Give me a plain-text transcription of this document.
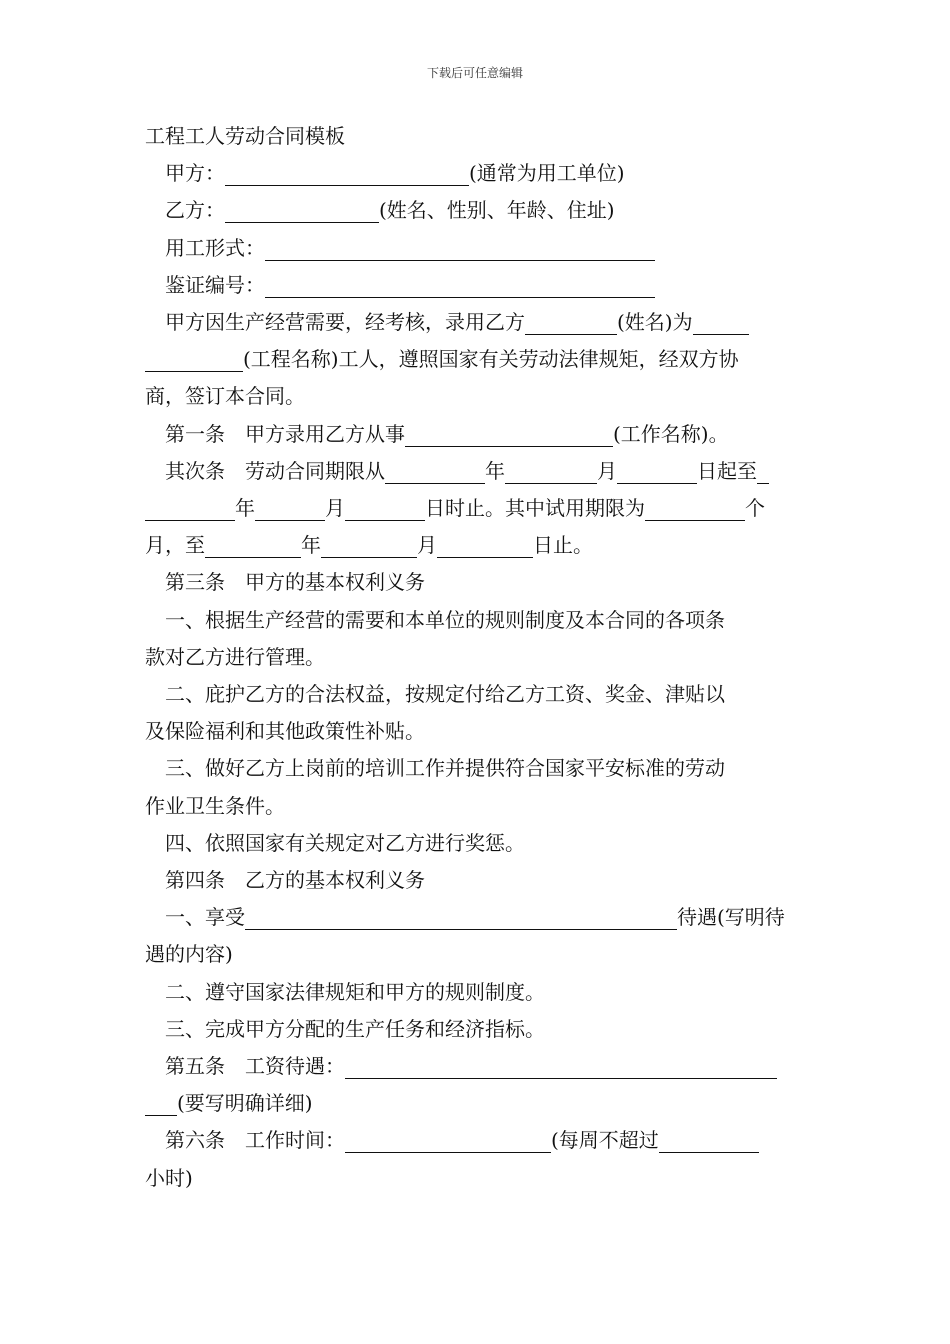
下载后可任意编辑
工程工人劳动合同模板
甲方：	(通常为用工单位)
乙方：	(姓名、性别、年龄、住址)
用工形式：
鉴证编号：
甲方因生产经营需要，经考核，录用乙方	(姓名)为
(工程名称)工人，遵照国家有关劳动法律规矩，经双方协
商，签订本合同。
第一条　甲方录用乙方从事	(工作名称)。
其次条　劳动合同期限从	年	月	日起至
年	月	日时止。其中试用期限为	个
月，至	年	月	日止。
第三条　甲方的基本权利义务
一、根据生产经营的需要和本单位的规则制度及本合同的各项条
款对乙方进行管理。
二、庇护乙方的合法权益，按规定付给乙方工资、奖金、津贴以
及保险福利和其他政策性补贴。
三、做好乙方上岗前的培训工作并提供符合国家平安标准的劳动
作业卫生条件。
四、依照国家有关规定对乙方进行奖惩。
第四条　乙方的基本权利义务
一、享受	待遇(写明待
遇的内容)
二、遵守国家法律规矩和甲方的规则制度。
三、完成甲方分配的生产任务和经济指标。
第五条　工资待遇：
(要写明确详细)
第六条　工作时间：	(每周不超过
小时)
